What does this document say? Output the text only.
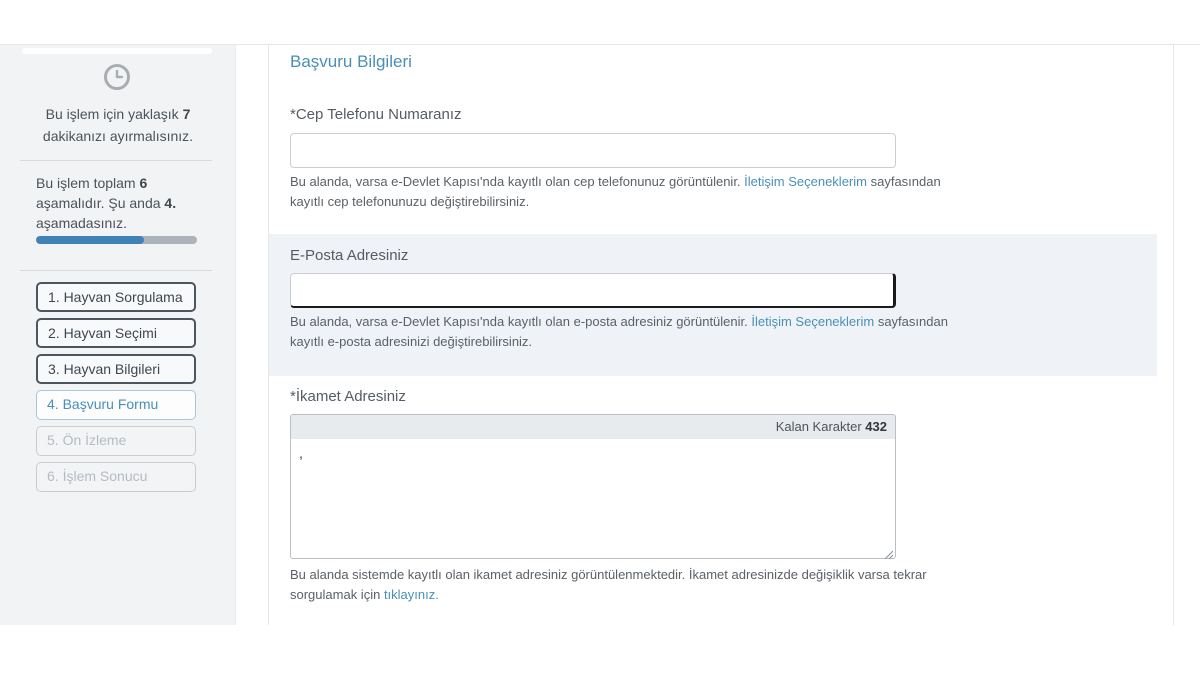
Bu işlem için yaklaşık 7
dakikanızı ayırmalısınız.
Bu işlem toplam 6
aşamalıdır. Şu anda 4.
aşamadasınız.
1. Hayvan Sorgulama
2. Hayvan Seçimi
3. Hayvan Bilgileri
4. Başvuru Formu
5. Ön İzleme
6. İşlem Sonucu
Başvuru Bilgileri
*Cep Telefonu Numaranız
Bu alanda, varsa e-Devlet Kapısı'nda kayıtlı olan cep telefonunuz görüntülenir. İletişim Seçeneklerim sayfasından kayıtlı cep telefonunuzu değiştirebilirsiniz.
E-Posta Adresiniz
Bu alanda, varsa e-Devlet Kapısı'nda kayıtlı olan e-posta adresiniz görüntülenir. İletişim Seçeneklerim sayfasından kayıtlı e-posta adresinizi değiştirebilirsiniz.
*İkamet Adresiniz
Kalan Karakter 432
,
Bu alanda sistemde kayıtlı olan ikamet adresiniz görüntülenmektedir. İkamet adresinizde değişiklik varsa tekrar sorgulamak için tıklayınız.
